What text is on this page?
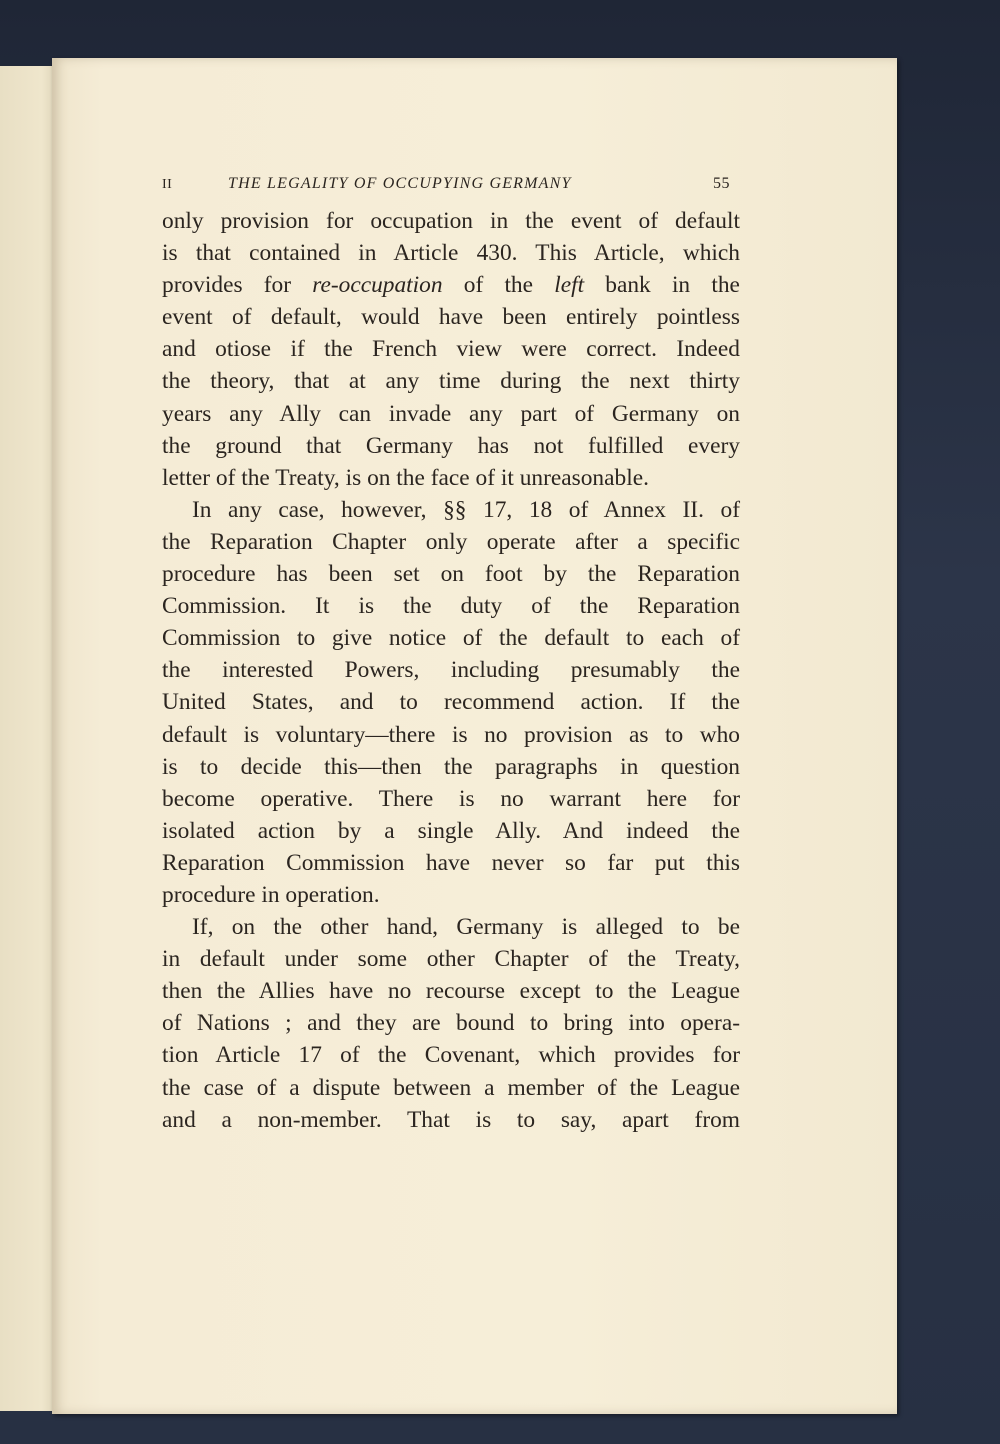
II	THE LEGALITY OF OCCUPYING GERMANY	55
only provision for occupation in the event of default
is that contained in Article 430. This Article, which
provides for re-occupation of the left bank in the
event of default, would have been entirely pointless
and otiose if the French view were correct. Indeed
the theory, that at any time during the next thirty
years any Ally can invade any part of Germany on
the ground that Germany has not fulfilled every
letter of the Treaty, is on the face of it unreasonable.
In any case, however, §§ 17, 18 of Annex II. of
the Reparation Chapter only operate after a specific
procedure has been set on foot by the Reparation
Commission. It is the duty of the Reparation
Commission to give notice of the default to each of
the interested Powers, including presumably the
United States, and to recommend action. If the
default is voluntary—there is no provision as to who
is to decide this—then the paragraphs in question
become operative. There is no warrant here for
isolated action by a single Ally. And indeed the
Reparation Commission have never so far put this
procedure in operation.
If, on the other hand, Germany is alleged to be
in default under some other Chapter of the Treaty,
then the Allies have no recourse except to the League
of Nations ; and they are bound to bring into opera-
tion Article 17 of the Covenant, which provides for
the case of a dispute between a member of the League
and a non-member. That is to say, apart from
